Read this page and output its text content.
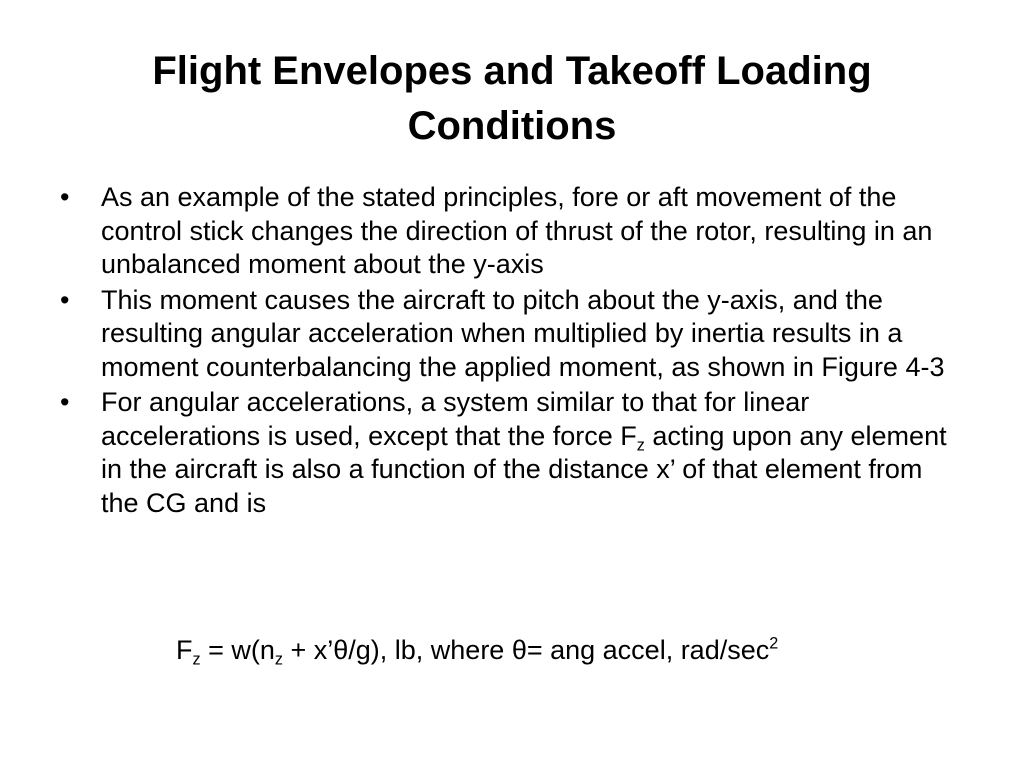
Flight Envelopes and Takeoff Loading
Conditions
•	As an example of the stated principles, fore or aft movement of the control stick changes the direction of thrust of the rotor, resulting in an unbalanced moment about the y-axis
•	This moment causes the aircraft to pitch about the y-axis, and the resulting angular acceleration when multiplied by inertia results in a moment counterbalancing the applied moment, as shown in Figure 4-3
•	For angular accelerations, a system similar to that for linear accelerations is used, except that the force $F_z$ acting upon any element in the aircraft is also a function of the distance x’ of that element from the CG and is
$F_z = w(n_z$ + x’θ/g), lb, where θ= ang accel, rad/$\sec^2$
